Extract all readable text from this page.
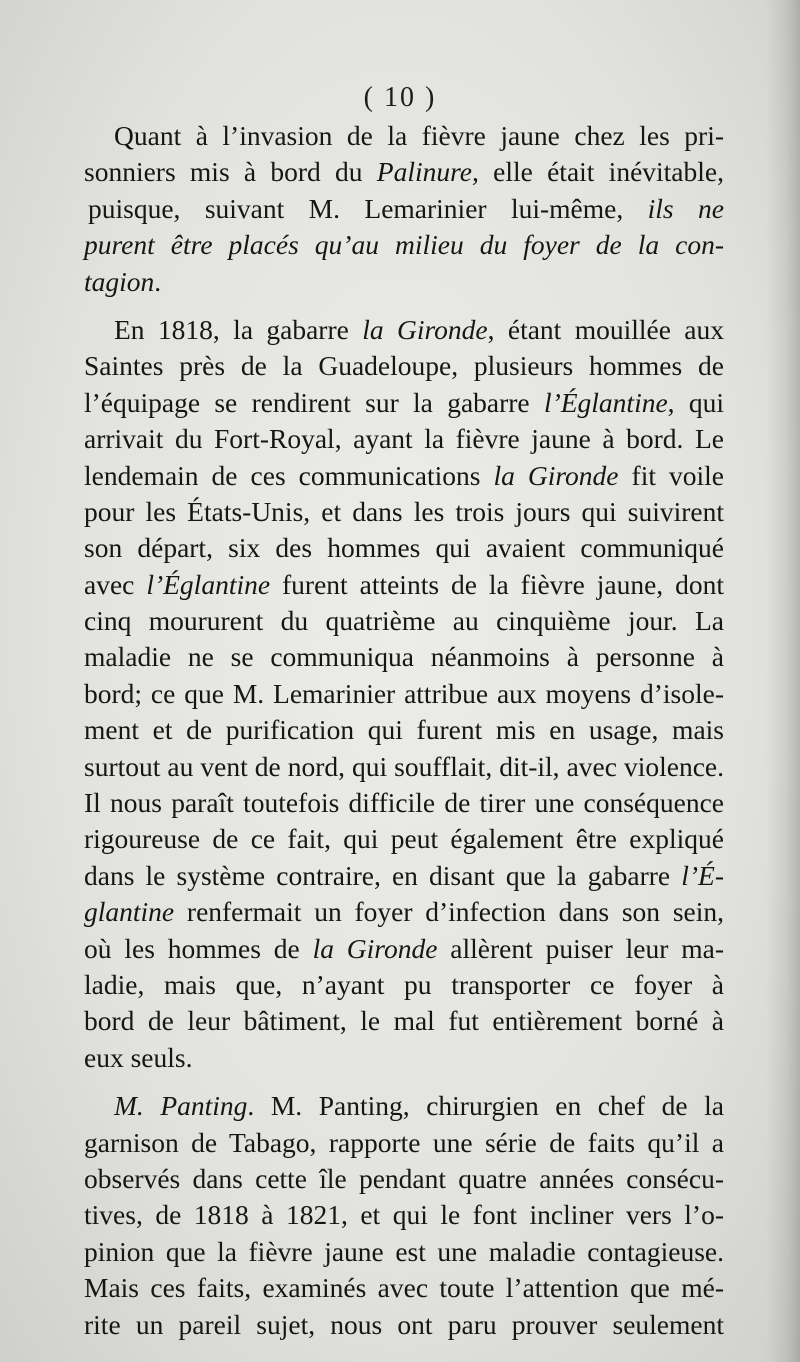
( 10 )
Quant à l’invasion de la fièvre jaune chez les pri-
sonniers mis à bord du Palinure, elle était inévitable,
puisque, suivant M. Lemarinier lui-même, ils ne
purent être placés qu’au milieu du foyer de la con-
tagion.
En 1818, la gabarre la Gironde, étant mouillée aux
Saintes près de la Guadeloupe, plusieurs hommes de
l’équipage se rendirent sur la gabarre l’Églantine, qui
arrivait du Fort-Royal, ayant la fièvre jaune à bord. Le
lendemain de ces communications la Gironde fit voile
pour les États-Unis, et dans les trois jours qui suivirent
son départ, six des hommes qui avaient communiqué
avec l’Églantine furent atteints de la fièvre jaune, dont
cinq moururent du quatrième au cinquième jour. La
maladie ne se communiqua néanmoins à personne à
bord; ce que M. Lemarinier attribue aux moyens d’isole-
ment et de purification qui furent mis en usage, mais
surtout au vent de nord, qui soufflait, dit-il, avec violence.
Il nous paraît toutefois difficile de tirer une conséquence
rigoureuse de ce fait, qui peut également être expliqué
dans le système contraire, en disant que la gabarre l’É-
glantine renfermait un foyer d’infection dans son sein,
où les hommes de la Gironde allèrent puiser leur ma-
ladie, mais que, n’ayant pu transporter ce foyer à
bord de leur bâtiment, le mal fut entièrement borné à
eux seuls.
M. Panting. M. Panting, chirurgien en chef de la
garnison de Tabago, rapporte une série de faits qu’il a
observés dans cette île pendant quatre années consécu-
tives, de 1818 à 1821, et qui le font incliner vers l’o-
pinion que la fièvre jaune est une maladie contagieuse.
Mais ces faits, examinés avec toute l’attention que mé-
rite un pareil sujet, nous ont paru prouver seulement
